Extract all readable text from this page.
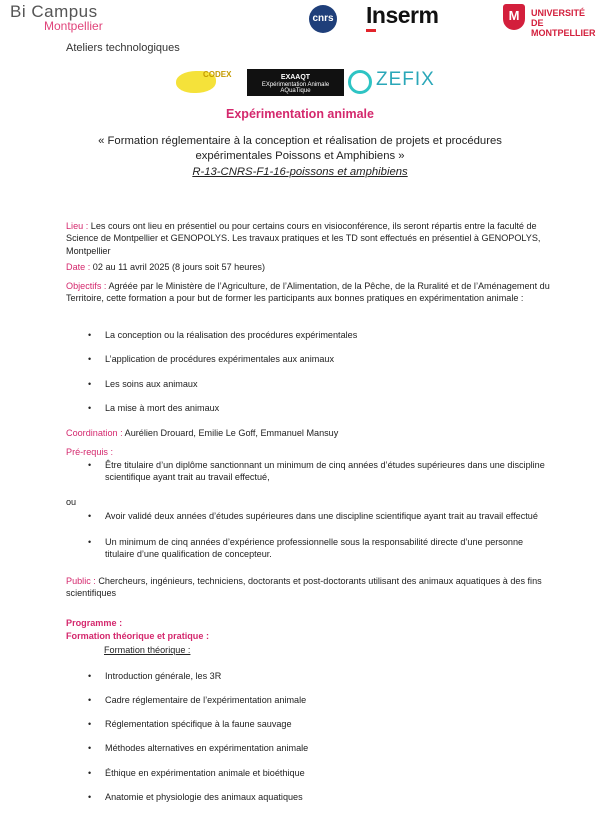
Bi Campus
Montpellier
cnrs Inserm	M	UNIVERSITÉ DE
MONTPELLIER
Ateliers technologiques
CODEX	EXAAQT
EXpérimentation Animale AQuaTique
ZEFIX
Expérimentation animale
« Formation réglementaire à la conception et réalisation de projets et procédures expérimentales Poissons et Amphibiens »
R-13-CNRS-F1-16-poissons et amphibiens
Lieu : Les cours ont lieu en présentiel ou pour certains cours en visioconférence, ils seront répartis entre la faculté de Science de Montpellier et GENOPOLYS. Les travaux pratiques et les TD sont effectués en présentiel à GENOPOLYS, Montpellier
Date : 02 au 11 avril 2025 (8 jours soit 57 heures)
Objectifs : Agréée par le Ministère de l’Agriculture, de l’Alimentation, de la Pêche, de la Ruralité et de l’Aménagement du Territoire, cette formation a pour but de former les participants aux bonnes pratiques en expérimentation animale :
• La conception ou la réalisation des procédures expérimentales
• L’application de procédures expérimentales aux animaux
• Les soins aux animaux
• La mise à mort des animaux
Coordination : Aurélien Drouard, Emilie Le Goff, Emmanuel Mansuy
Pré-requis :
• Être titulaire d’un diplôme sanctionnant un minimum de cinq années d’études supérieures dans une discipline scientifique ayant trait au travail effectué,
ou
• Avoir validé deux années d’études supérieures dans une discipline scientifique ayant trait au travail effectué
• Un minimum de cinq années d’expérience professionnelle sous la responsabilité directe d’une personne titulaire d’une qualification de concepteur.
Public : Chercheurs, ingénieurs, techniciens, doctorants et post-doctorants utilisant des animaux aquatiques à des fins scientifiques
Programme :
Formation théorique et pratique :
Formation théorique :
• Introduction générale, les 3R
• Cadre réglementaire de l’expérimentation animale
• Réglementation spécifique à la faune sauvage
• Méthodes alternatives en expérimentation animale
• Éthique en expérimentation animale et bioéthique
• Anatomie et physiologie des animaux aquatiques
